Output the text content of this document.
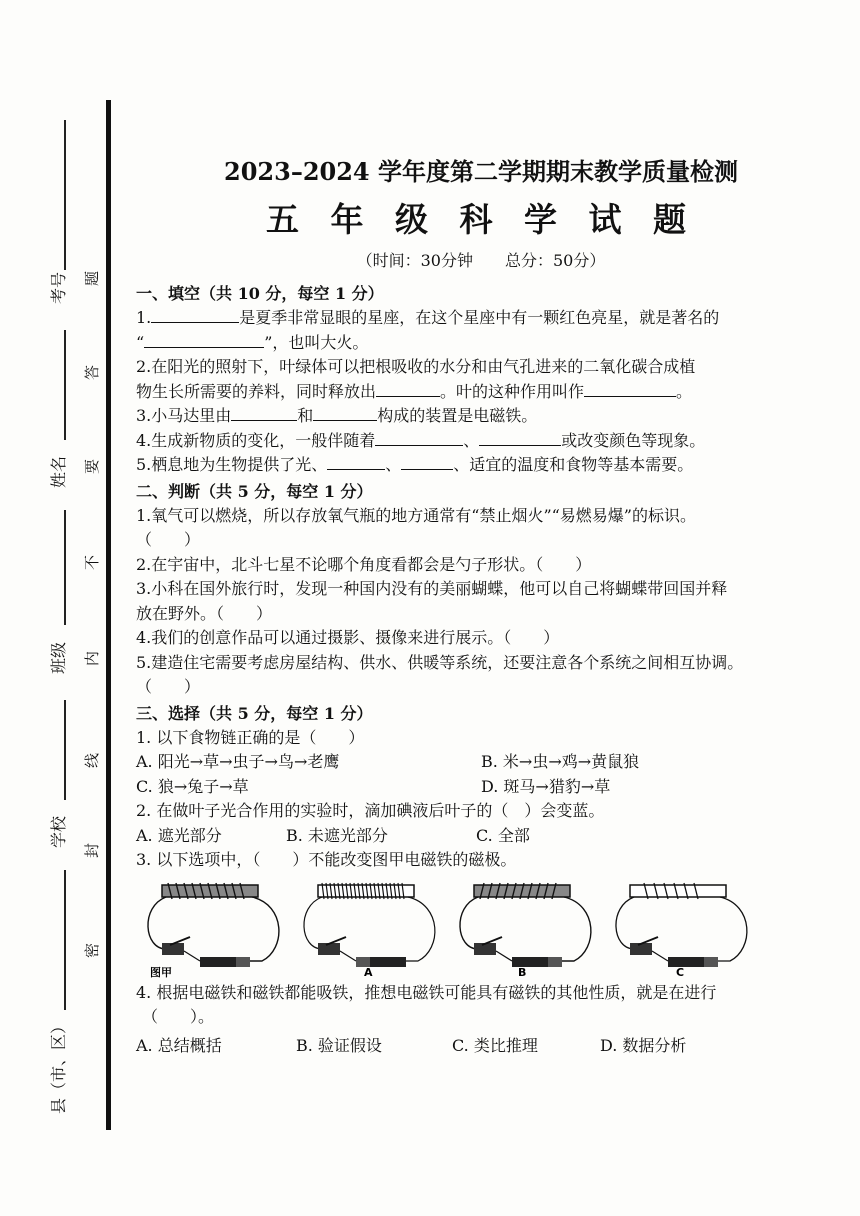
考号
姓名
班级
学校
县（市、区）
密
封
线
内
不
要
答
题
2023–2024 学年度第二学期期末教学质量检测
五 年 级 科 学 试 题
（时间：30分钟 总分：50分）
一、填空（共 10 分，每空 1 分）
1.	是夏季非常显眼的星座，在这个星座中有一颗红色亮星，就是著名的
“	”，也叫大火。
2.在阳光的照射下，叶绿体可以把根吸收的水分和由气孔进来的二氧化碳合成植
物生长所需要的养料，同时释放出	。叶的这种作用叫作	。
3.小马达里由	和	构成的装置是电磁铁。
4.生成新物质的变化，一般伴随着	、	或改变颜色等现象。
5.栖息地为生物提供了光、	、	、适宜的温度和食物等基本需要。
二、判断（共 5 分，每空 1 分）
1.氧气可以燃烧，所以存放氧气瓶的地方通常有“禁止烟火”“易燃易爆”的标识。
（　　）
2.在宇宙中，北斗七星不论哪个角度看都会是勺子形状。（　　）
3.小科在国外旅行时，发现一种国内没有的美丽蝴蝶，他可以自己将蝴蝶带回国并释
放在野外。（　　）
4.我们的创意作品可以通过摄影、摄像来进行展示。（　　）
5.建造住宅需要考虑房屋结构、供水、供暖等系统，还要注意各个系统之间相互协调。
（　　）
三、选择（共 5 分，每空 1 分）
1. 以下食物链正确的是（　　）
A. 阳光→草→虫子→鸟→老鹰	B. 米→虫→鸡→黄鼠狼
C. 狼→兔子→草	D. 斑马→猎豹→草
2. 在做叶子光合作用的实验时，滴加碘液后叶子的（　）会变蓝。
A. 遮光部分	B. 未遮光部分	C. 全部
3. 以下选项中，（　　）不能改变图甲电磁铁的磁极。
图甲	A	B	C
4. 根据电磁铁和磁铁都能吸铁，推想电磁铁可能具有磁铁的其他性质，就是在进行
（　　）。
A. 总结概括	B. 验证假设	C. 类比推理	D. 数据分析
